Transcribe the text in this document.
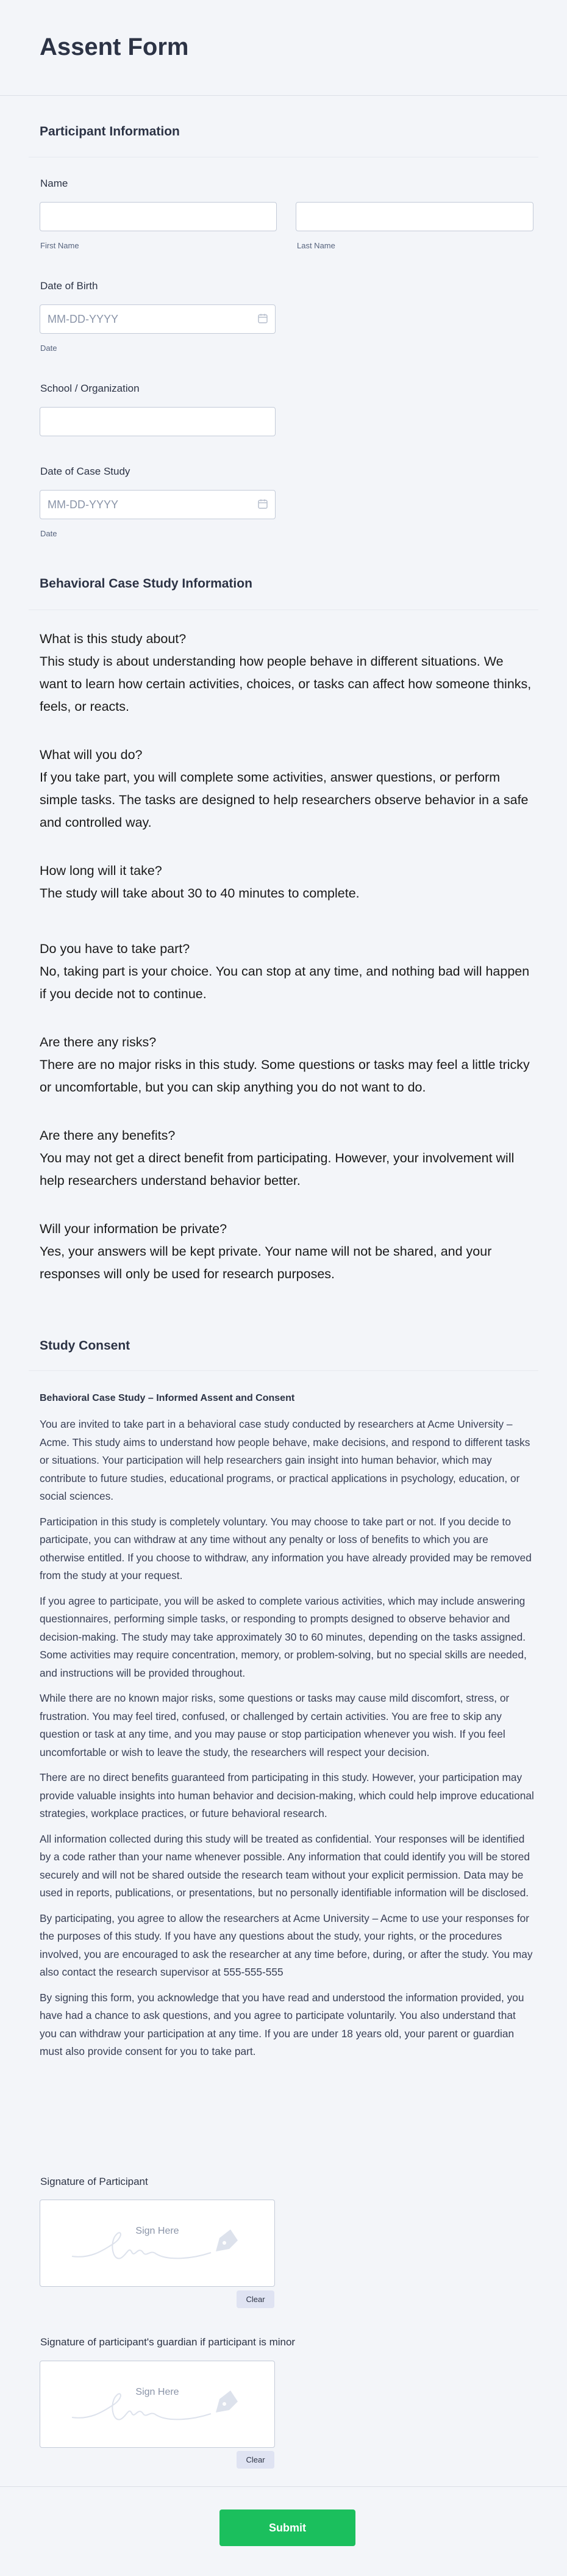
Assent Form
Participant Information
Name
First Name	Last Name
Date of Birth
MM-DD-YYYY
Date
School / Organization
Date of Case Study
MM-DD-YYYY
Date
Behavioral Case Study Information
What is this study about?
This study is about understanding how people behave in different situations. We want to learn how certain activities, choices, or tasks can affect how someone thinks, feels, or reacts.
What will you do?
If you take part, you will complete some activities, answer questions, or perform simple tasks. The tasks are designed to help researchers observe behavior in a safe and controlled way.
How long will it take?
The study will take about 30 to 40 minutes to complete.
Do you have to take part?
No, taking part is your choice. You can stop at any time, and nothing bad will happen if you decide not to continue.
Are there any risks?
There are no major risks in this study. Some questions or tasks may feel a little tricky or uncomfortable, but you can skip anything you do not want to do.
Are there any benefits?
You may not get a direct benefit from participating. However, your involvement will help researchers understand behavior better.
Will your information be private?
Yes, your answers will be kept private. Your name will not be shared, and your responses will only be used for research purposes.
Study Consent
Behavioral Case Study – Informed Assent and Consent

You are invited to take part in a behavioral case study conducted by researchers at Acme University – Acme. This study aims to understand how people behave, make decisions, and respond to different tasks or situations. Your participation will help researchers gain insight into human behavior, which may contribute to future studies, educational programs, or practical applications in psychology, education, or social sciences.

Participation in this study is completely voluntary. You may choose to take part or not. If you decide to participate, you can withdraw at any time without any penalty or loss of benefits to which you are otherwise entitled. If you choose to withdraw, any information you have already provided may be removed from the study at your request.

If you agree to participate, you will be asked to complete various activities, which may include answering questionnaires, performing simple tasks, or responding to prompts designed to observe behavior and decision-making. The study may take approximately 30 to 60 minutes, depending on the tasks assigned. Some activities may require concentration, memory, or problem-solving, but no special skills are needed, and instructions will be provided throughout.

While there are no known major risks, some questions or tasks may cause mild discomfort, stress, or frustration. You may feel tired, confused, or challenged by certain activities. You are free to skip any question or task at any time, and you may pause or stop participation whenever you wish. If you feel uncomfortable or wish to leave the study, the researchers will respect your decision.

There are no direct benefits guaranteed from participating in this study. However, your participation may provide valuable insights into human behavior and decision-making, which could help improve educational strategies, workplace practices, or future behavioral research.

All information collected during this study will be treated as confidential. Your responses will be identified by a code rather than your name whenever possible. Any information that could identify you will be stored securely and will not be shared outside the research team without your explicit permission. Data may be used in reports, publications, or presentations, but no personally identifiable information will be disclosed.

By participating, you agree to allow the researchers at Acme University – Acme to use your responses for the purposes of this study. If you have any questions about the study, your rights, or the procedures involved, you are encouraged to ask the researcher at any time before, during, or after the study. You may also contact the research supervisor at 555-555-555

By signing this form, you acknowledge that you have read and understood the information provided, you have had a chance to ask questions, and you agree to participate voluntarily. You also understand that you can withdraw your participation at any time. If you are under 18 years old, your parent or guardian must also provide consent for you to take part.

Signature of Participant
Sign Here
Clear
Signature of participant's guardian if participant is minor
Sign Here
Clear
Submit
